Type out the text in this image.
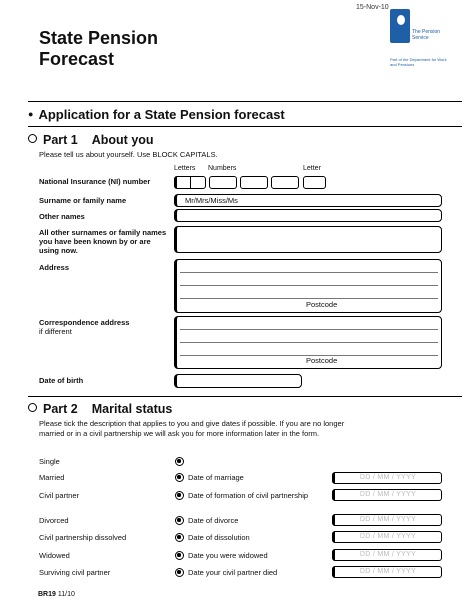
15-Nov-10
State Pension
Forecast
The Pension Service
Part of the Department for Work and Pensions
● Application for a State Pension forecast
Part 1 About you
Please tell us about yourself. Use BLOCK CAPITALS.
Letters Numbers	Letter
National Insurance (NI) number
Surname or family name	Mr/Mrs/Miss/Ms
Other names
All other surnames or family names you have been known by or are using now.
Address
Postcode
Correspondence address
if different
Postcode
Date of birth
Part 2 Marital status
Please tick the description that applies to you and give dates if possible. If you are no longer married or in a civil partnership we will ask you for more information later in the form.
Single
Married	Date of marriage	DD / MM / YYYY
Civil partner	Date of formation of civil partnership	DD / MM / YYYY
Divorced	Date of divorce	DD / MM / YYYY
Civil partnership dissolved	Date of dissolution	DD / MM / YYYY
Widowed	Date you were widowed	DD / MM / YYYY
Surviving civil partner	Date your civil partner died	DD / MM / YYYY
BR19 11/10
